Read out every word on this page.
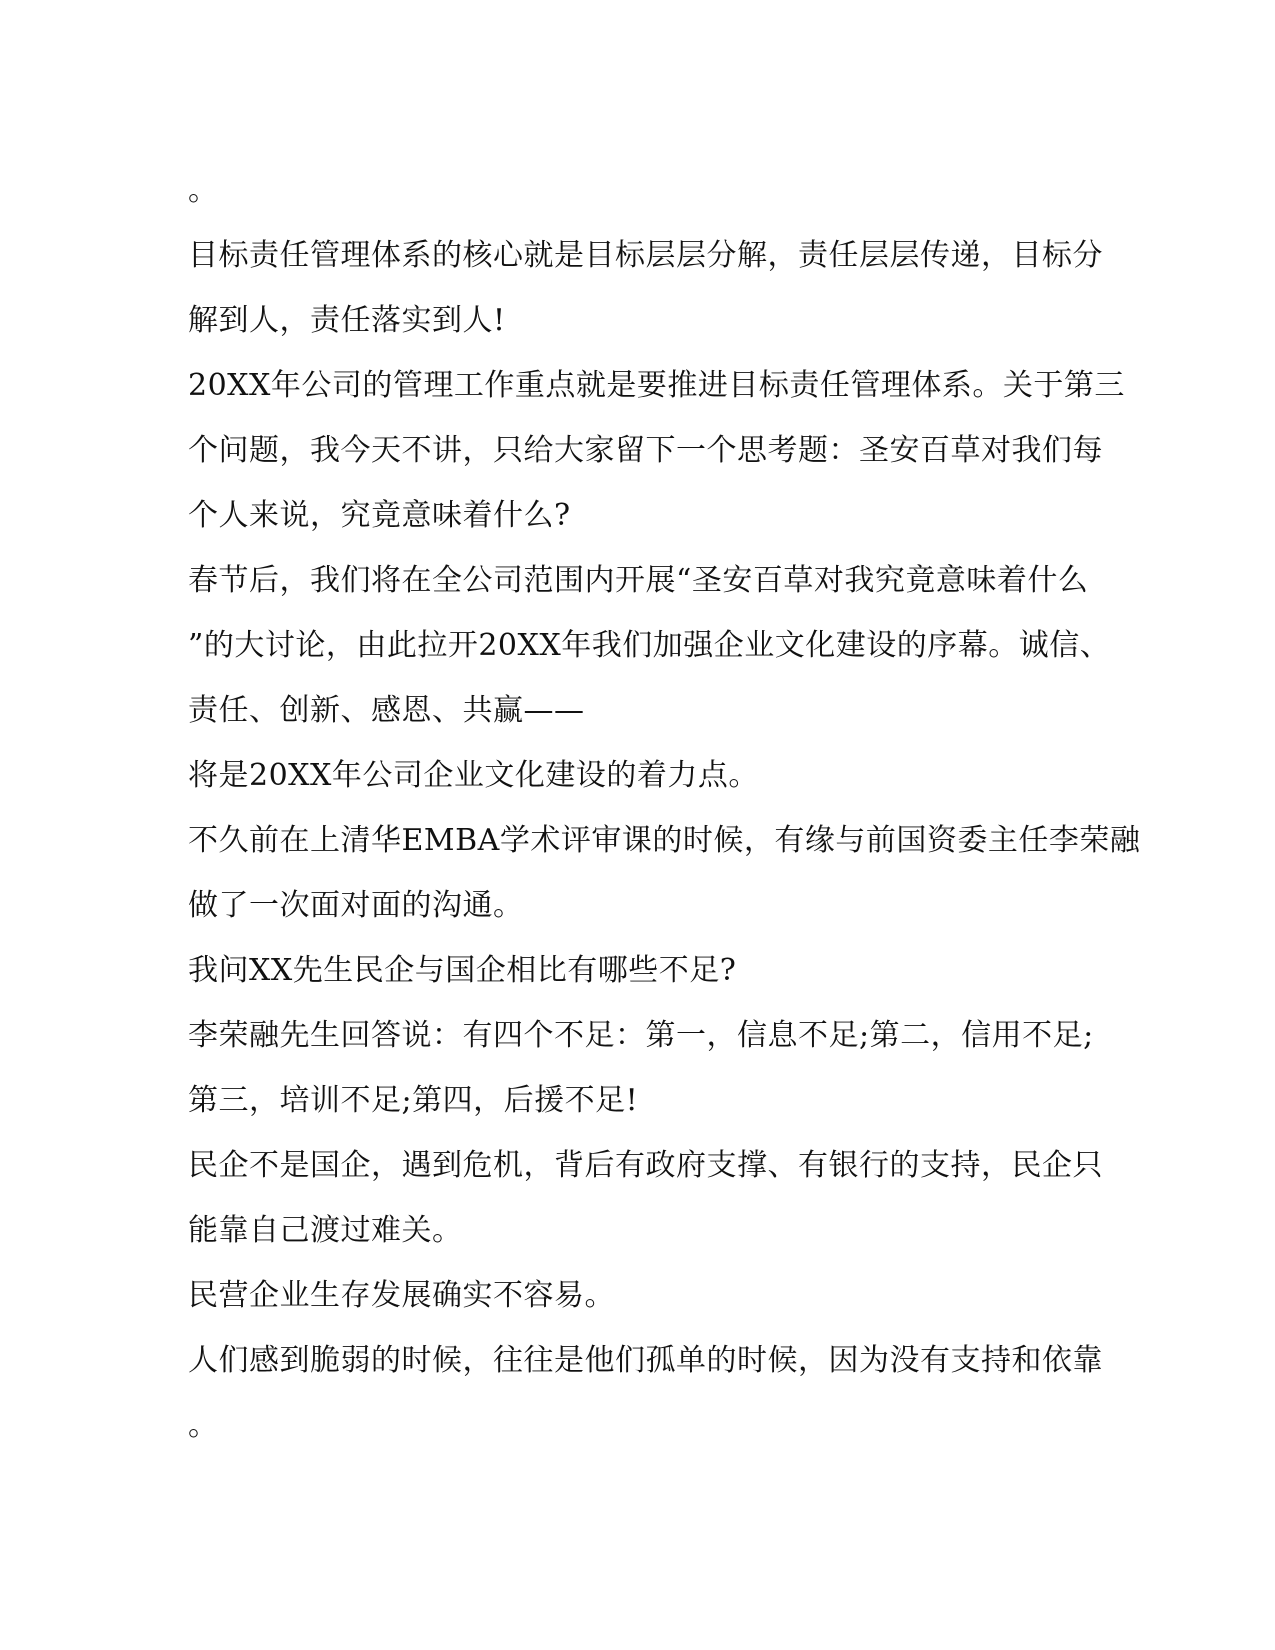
。
目标责任管理体系的核心就是目标层层分解，责任层层传递，目标分
解到人，责任落实到人!
20XX年公司的管理工作重点就是要推进目标责任管理体系。关于第三
个问题，我今天不讲，只给大家留下一个思考题：圣安百草对我们每
个人来说，究竟意味着什么?
春节后，我们将在全公司范围内开展“圣安百草对我究竟意味着什么
”的大讨论，由此拉开20XX年我们加强企业文化建设的序幕。诚信、
责任、创新、感恩、共赢——
将是20XX年公司企业文化建设的着力点。
不久前在上清华EMBA学术评审课的时候，有缘与前国资委主任李荣融
做了一次面对面的沟通。
我问XX先生民企与国企相比有哪些不足?
李荣融先生回答说：有四个不足：第一，信息不足;第二，信用不足;
第三，培训不足;第四，后援不足!
民企不是国企，遇到危机，背后有政府支撑、有银行的支持，民企只
能靠自己渡过难关。
民营企业生存发展确实不容易。
人们感到脆弱的时候，往往是他们孤单的时候，因为没有支持和依靠
。
